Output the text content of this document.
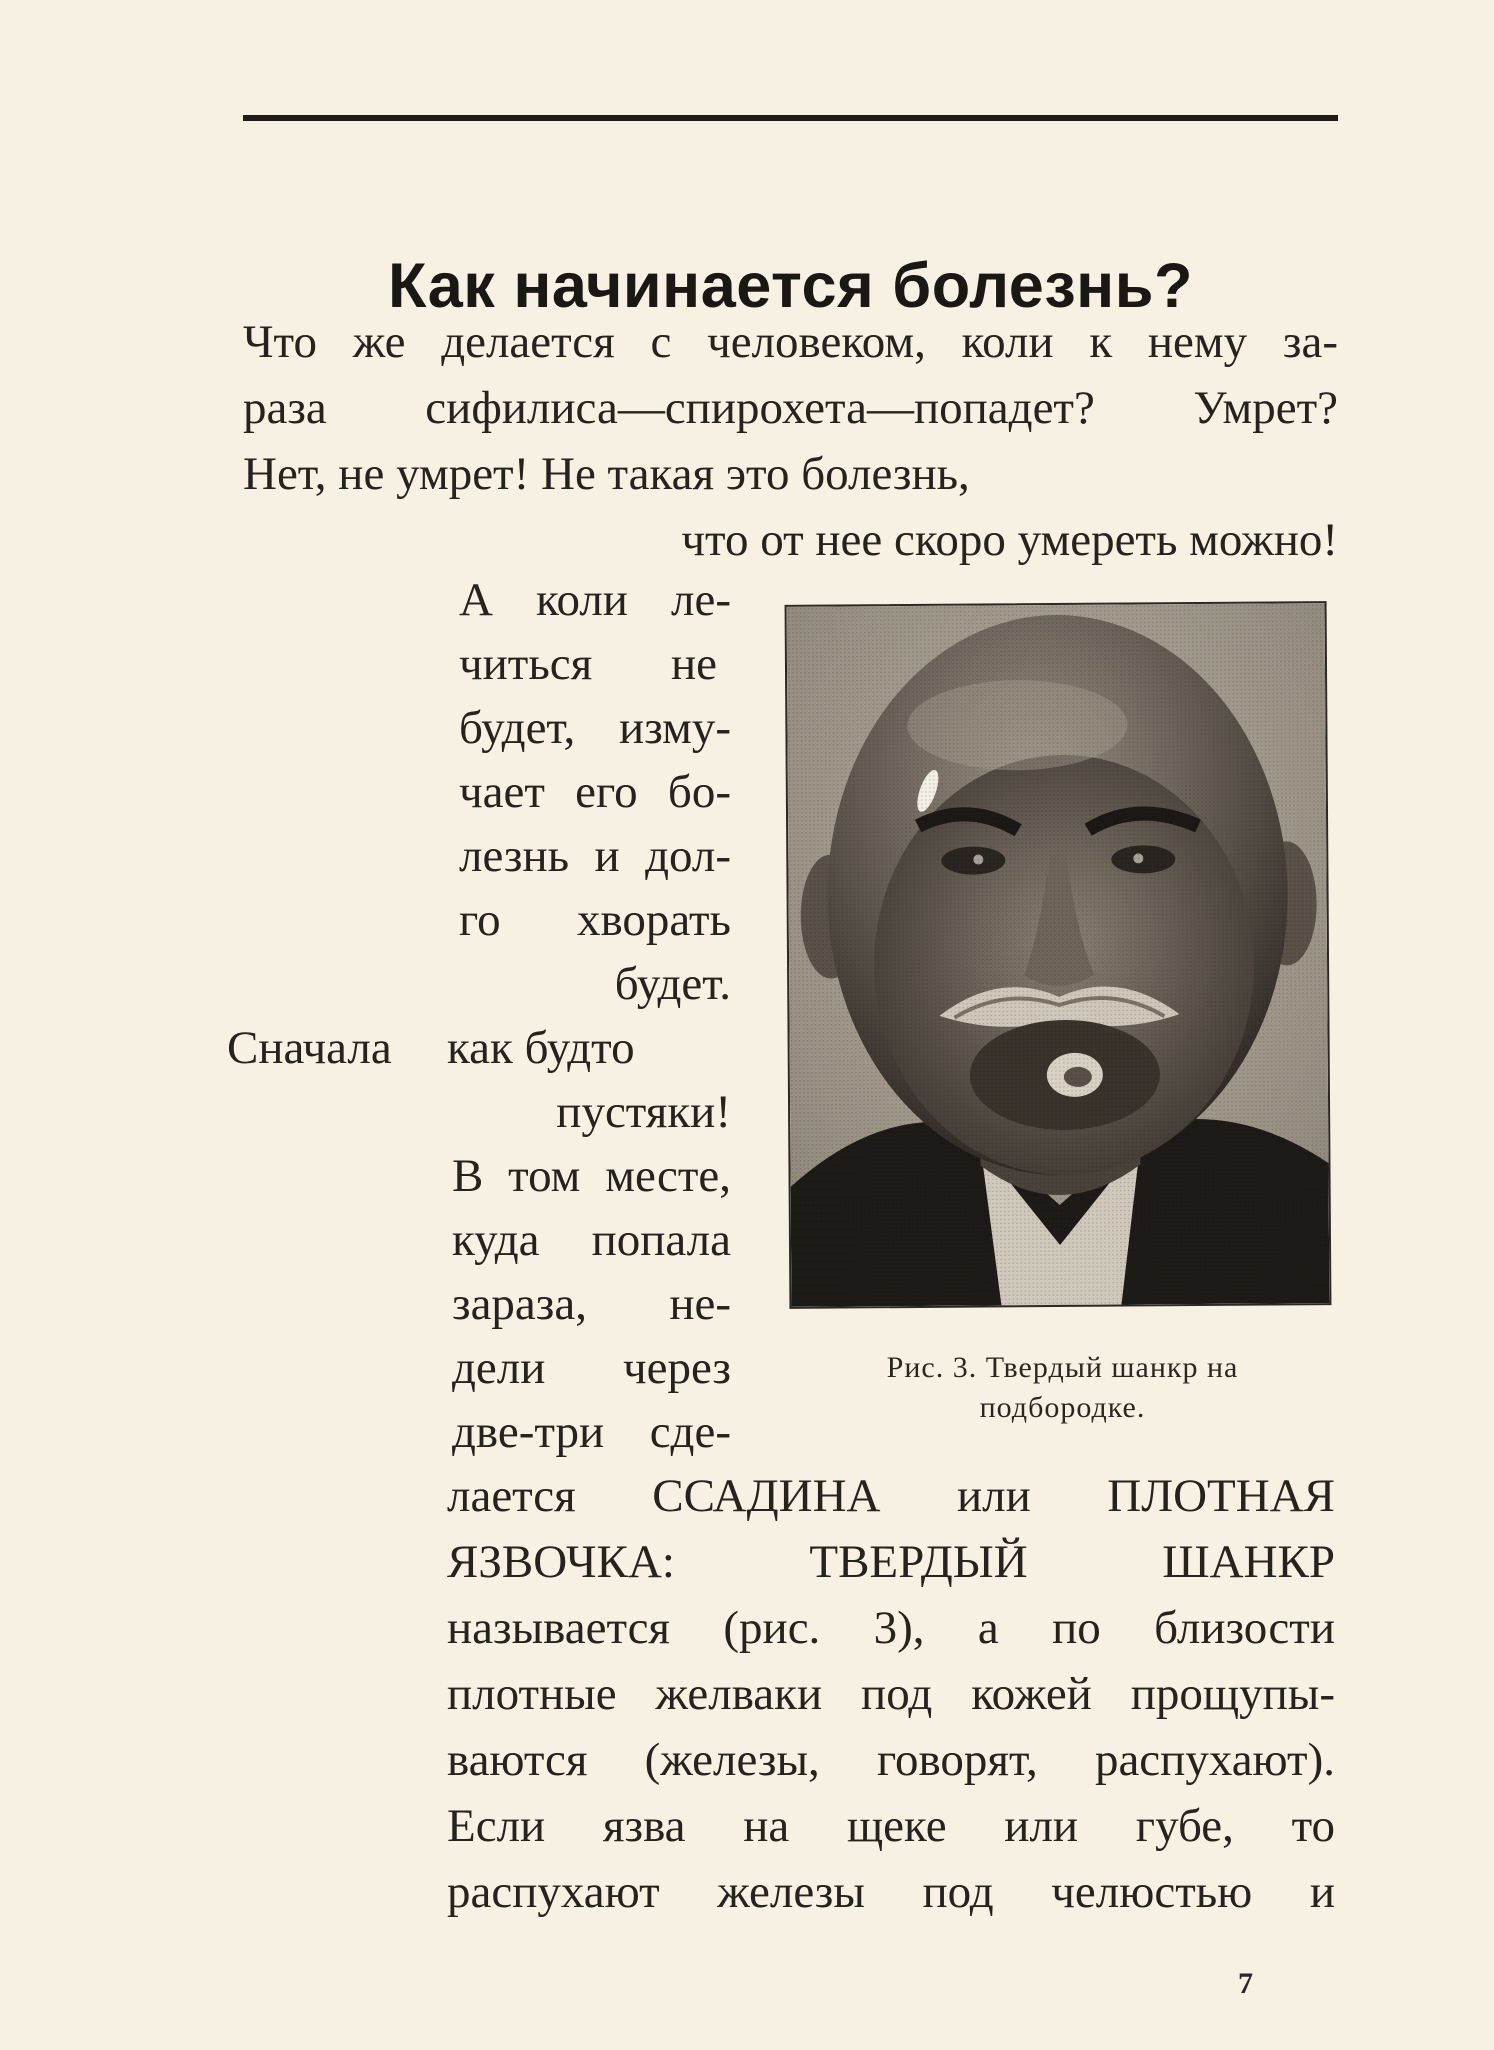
Как начинается болезнь?

Что же делается с человеком, коли к нему за-

раза сифилиса—спирохета—попадет? Умрет?

Нет, не умрет! Не такая это болезнь,

что от нее скоро умереть можно!

А коли ле-

читься не

будет, изму-

чает его бо-

лезнь и дол-

го хворать

будет.

Сначала как будто

пустяки!

В том месте,

куда попала

зараза, не-

дели через

две-три сде-

Рис. 3. Твердый шанкр на
подбородке.

лается ССАДИНА или ПЛОТНАЯ

ЯЗВОЧКА: ТВЕРДЫЙ ШАНКР

называется (рис. 3), а по близости

плотные желваки под кожей прощупы-

ваются (железы, говорят, распухают).

Если язва на щеке или губе, то

распухают железы под челюстью и

7
